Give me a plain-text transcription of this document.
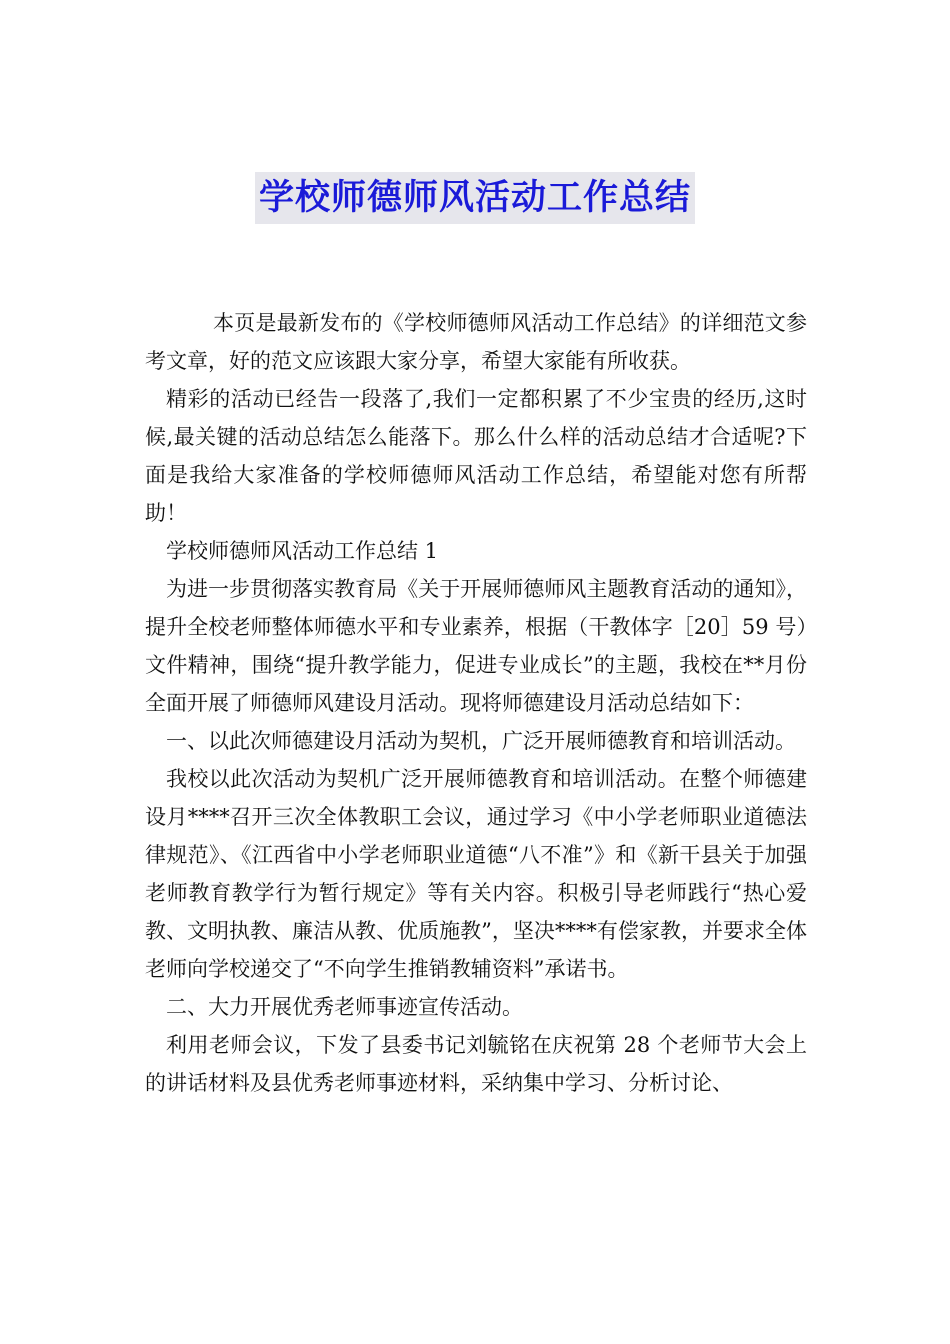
学校师德师风活动工作总结

本页是最新发布的《学校师德师风活动工作总结》的详细范文参考文章，好的范文应该跟大家分享，希望大家能有所收获。

精彩的活动已经告一段落了,我们一定都积累了不少宝贵的经历,这时候,最关键的活动总结怎么能落下。那么什么样的活动总结才合适呢?下面是我给大家准备的学校师德师风活动工作总结，希望能对您有所帮助！

学校师德师风活动工作总结 1

为进一步贯彻落实教育局《关于开展师德师风主题教育活动的通知》，提升全校老师整体师德水平和专业素养，根据（干教体字［20］59 号）文件精神，围绕“提升教学能力，促进专业成长”的主题，我校在**月份全面开展了师德师风建设月活动。现将师德建设月活动总结如下：

一、以此次师德建设月活动为契机，广泛开展师德教育和培训活动。

我校以此次活动为契机广泛开展师德教育和培训活动。在整个师德建设月****召开三次全体教职工会议，通过学习《中小学老师职业道德法律规范》、《江西省中小学老师职业道德“八不准”》和《新干县关于加强老师教育教学行为暂行规定》等有关内容。积极引导老师践行“热心爱教、文明执教、廉洁从教、优质施教”，坚决****有偿家教，并要求全体老师向学校递交了“不向学生推销教辅资料”承诺书。

二、大力开展优秀老师事迹宣传活动。

利用老师会议，下发了县委书记刘毓铭在庆祝第 28 个老师节大会上的讲话材料及县优秀老师事迹材料，采纳集中学习、分析讨论、
